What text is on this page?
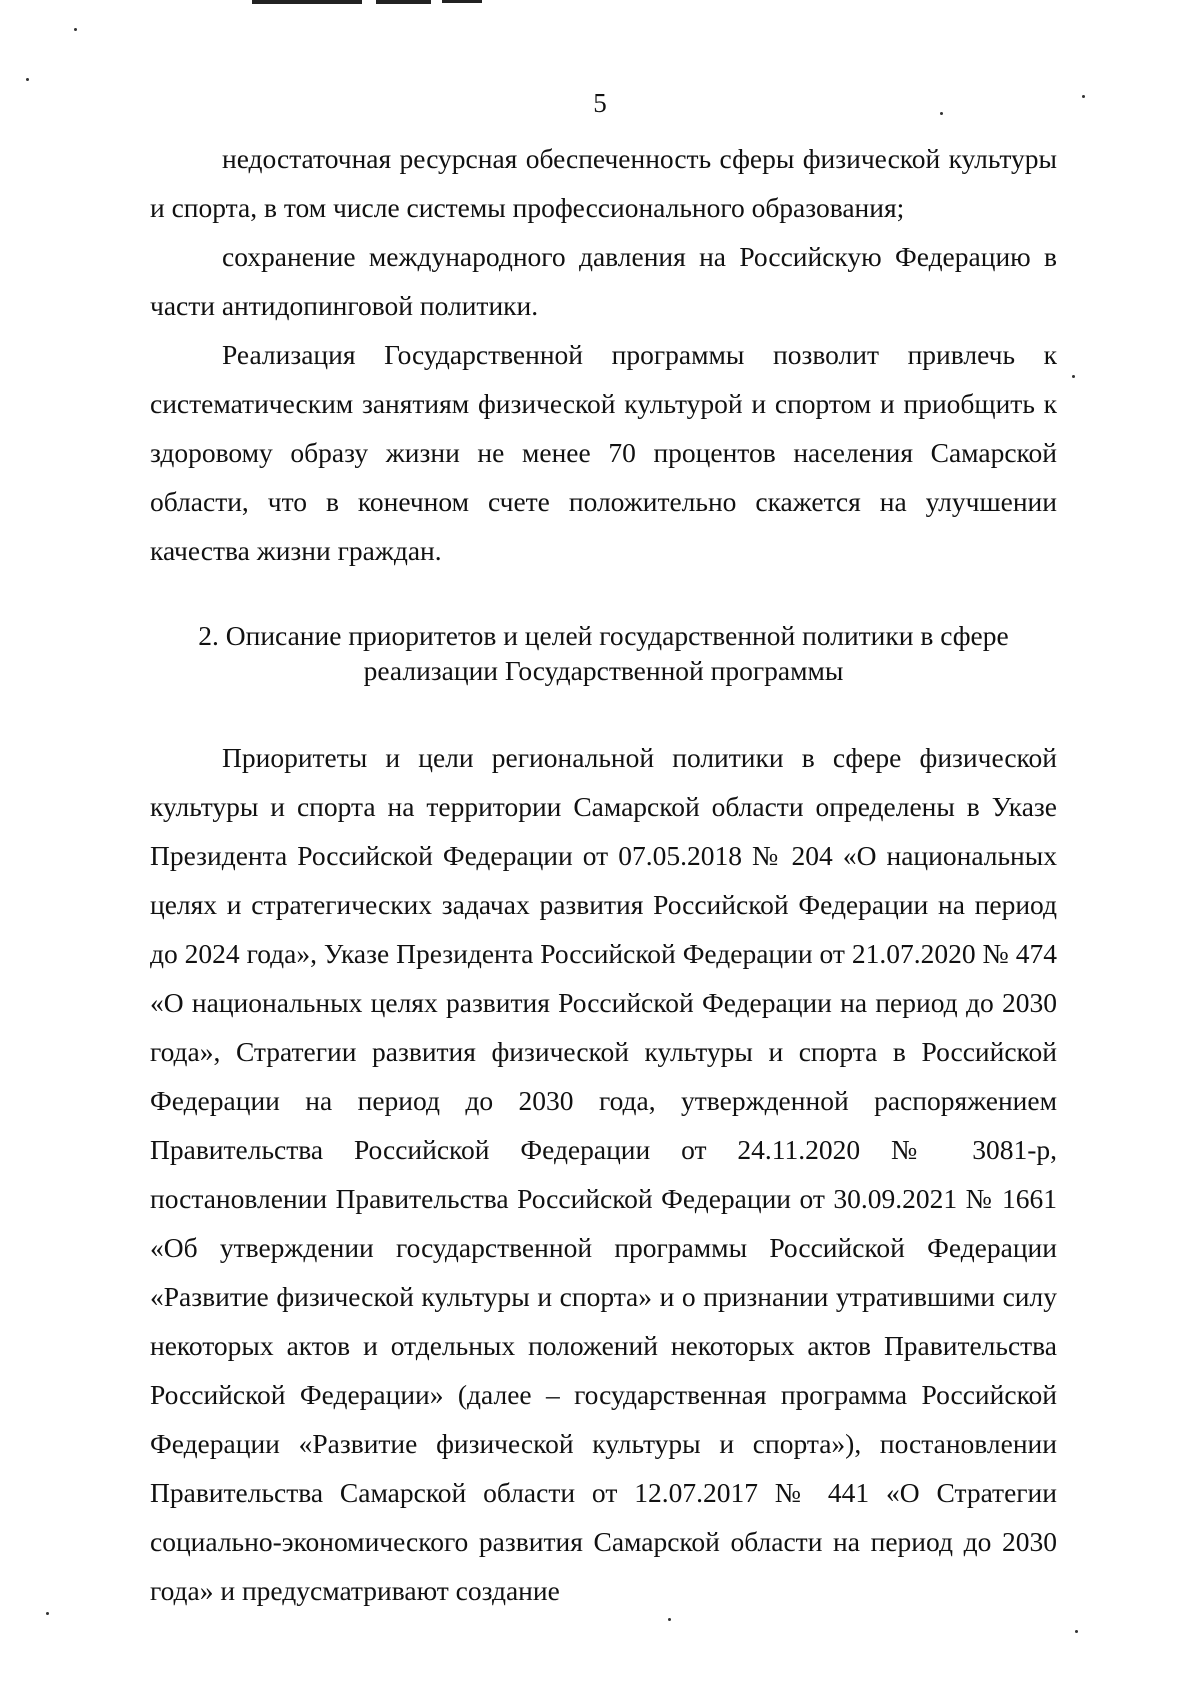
5

недостаточная ресурсная обеспеченность сферы физической культуры и спорта, в том числе системы профессионального образования;

сохранение международного давления на Российскую Федерацию в части антидопинговой политики.

Реализация Государственной программы позволит привлечь к систематическим занятиям физической культурой и спортом и приобщить к здоровому образу жизни не менее 70 процентов населения Самарской области, что в конечном счете положительно скажется на улучшении качества жизни граждан.

2. Описание приоритетов и целей государственной политики в сфере реализации Государственной программы

Приоритеты и цели региональной политики в сфере физической культуры и спорта на территории Самарской области определены в Указе Президента Российской Федерации от 07.05.2018 № 204 «О национальных целях и стратегических задачах развития Российской Федерации на период до 2024 года», Указе Президента Российской Федерации от 21.07.2020 № 474 «О национальных целях развития Российской Федерации на период до 2030 года», Стратегии развития физической культуры и спорта в Российской Федерации на период до 2030 года, утвержденной распоряжением Правительства Российской Федерации от 24.11.2020 № 3081-р, постановлении Правительства Российской Федерации от 30.09.2021 № 1661 «Об утверждении государственной программы Российской Федерации «Развитие физической культуры и спорта» и о признании утратившими силу некоторых актов и отдельных положений некоторых актов Правительства Российской Федерации» (далее – государственная программа Российской Федерации «Развитие физической культуры и спорта»), постановлении Правительства Самарской области от 12.07.2017 № 441 «О Стратегии социально-экономического развития Самарской области на период до 2030 года» и предусматривают создание
